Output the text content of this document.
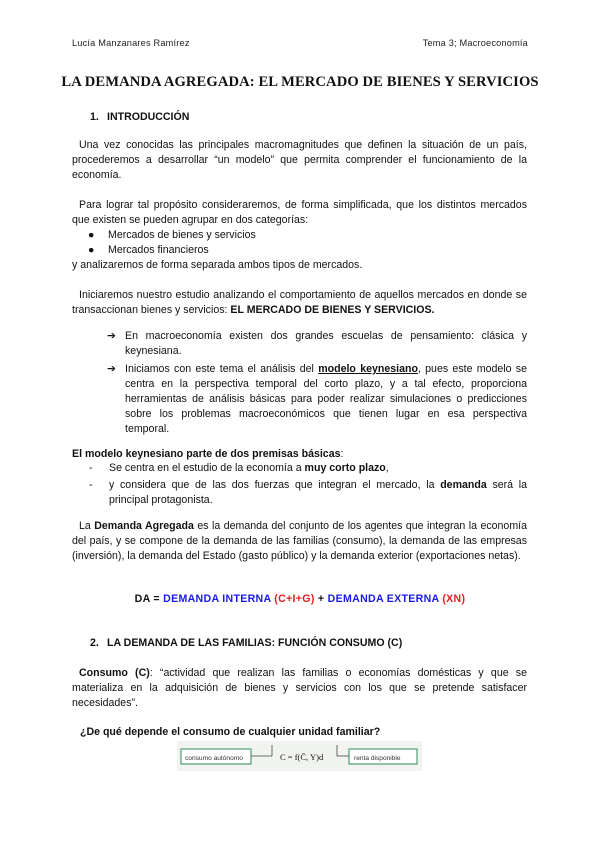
Lucía Manzanares Ramírez	Tema 3; Macroeconomía
LA DEMANDA AGREGADA: EL MERCADO DE BIENES Y SERVICIOS
1. INTRODUCCIÓN

Una vez conocidas las principales macromagnitudes que definen la situación de un país, procederemos a desarrollar “un modelo” que permita comprender el funcionamiento de la economía.

Para lograr tal propósito consideraremos, de forma simplificada, que los distintos mercados que existen se pueden agrupar en dos categorías:

● Mercados de bienes y servicios
● Mercados financieros

y analizaremos de forma separada ambos tipos de mercados.

Iniciaremos nuestro estudio analizando el comportamiento de aquellos mercados en donde se transaccionan bienes y servicios: EL MERCADO DE BIENES Y SERVICIOS.

➔ En macroeconomía existen dos grandes escuelas de pensamiento: clásica y keynesiana.
➔ Iniciamos con este tema el análisis del modelo keynesiano, pues este modelo se centra en la perspectiva temporal del corto plazo, y a tal efecto, proporciona herramientas de análisis básicas para poder realizar simulaciones o predicciones sobre los problemas macroeconómicos que tienen lugar en esa perspectiva temporal.
El modelo keynesiano parte de dos premisas básicas:
- Se centra en el estudio de la economía a muy corto plazo,
- y considera que de las dos fuerzas que integran el mercado, la demanda será la principal protagonista.

La Demanda Agregada es la demanda del conjunto de los agentes que integran la economía del país, y se compone de la demanda de las familias (consumo), la demanda de las empresas (inversión), la demanda del Estado (gasto público) y la demanda exterior (exportaciones netas).

DA = DEMANDA INTERNA (C+I+G) + DEMANDA EXTERNA (XN)
2. LA DEMANDA DE LAS FAMILIAS: FUNCIÓN CONSUMO (C)

Consumo (C): “actividad que realizan las familias o economías domésticas y que se materializa en la adquisición de bienes y servicios con los que se pretende satisfacer necesidades”.

¿De qué depende el consumo de cualquier unidad familiar?
consumo autónomo	C = f(C̄, Y)d	renta disponible
